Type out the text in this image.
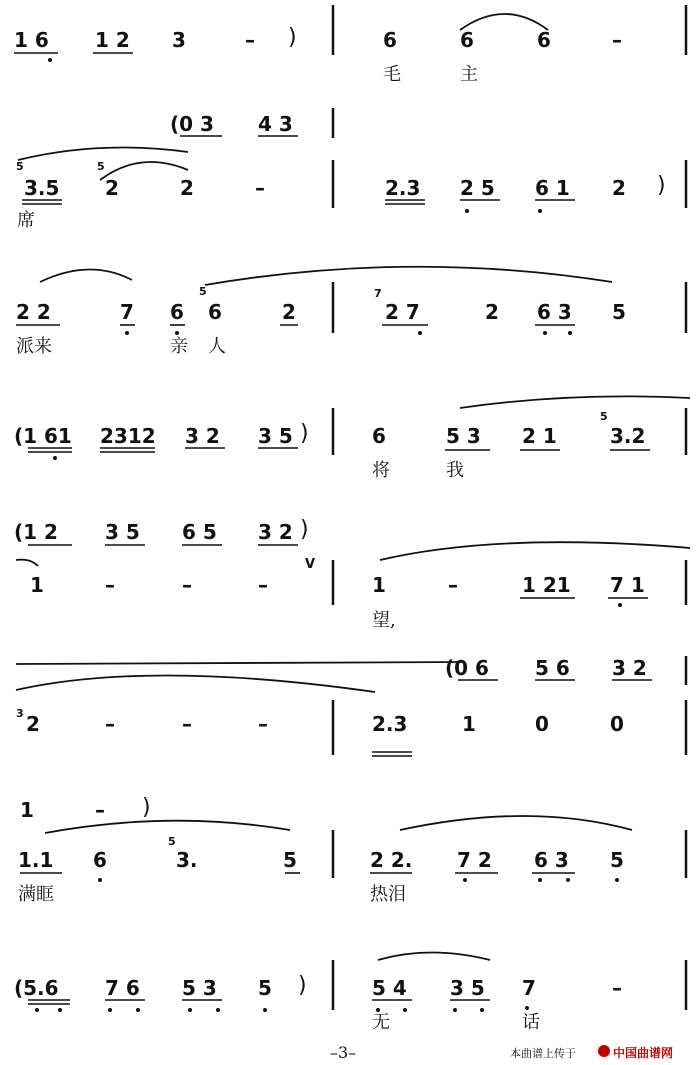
1 6 1 2 3	– )	6	6	6	–
毛	主
(0 3 4 3
5
3.5
5
2	2	–
席
2.3 2 5 6 1 2 )
2 2	7 6
5
6	2
派来	亲 人
7
2 7	2 6 3 5
(1 61 2312 3 2 3 5 )	6	5 3 2 1
5
3.2
将	我
(1 2 3 5 6 5 3 2 )
1	–	–	–
V
1	–	1 21 7 1
望,
(0 6 5 6 3 2
3 2	–	–	–	2.3	1	0	0
1	– )
1.1 6
5
3.	5
满眶
2 2. 7 2 6 3 5
热泪
(5.6 7 6 5 3 5 )	5 4 3 5 7	–
无	话
–3–	本曲谱上传于	中国曲谱网
